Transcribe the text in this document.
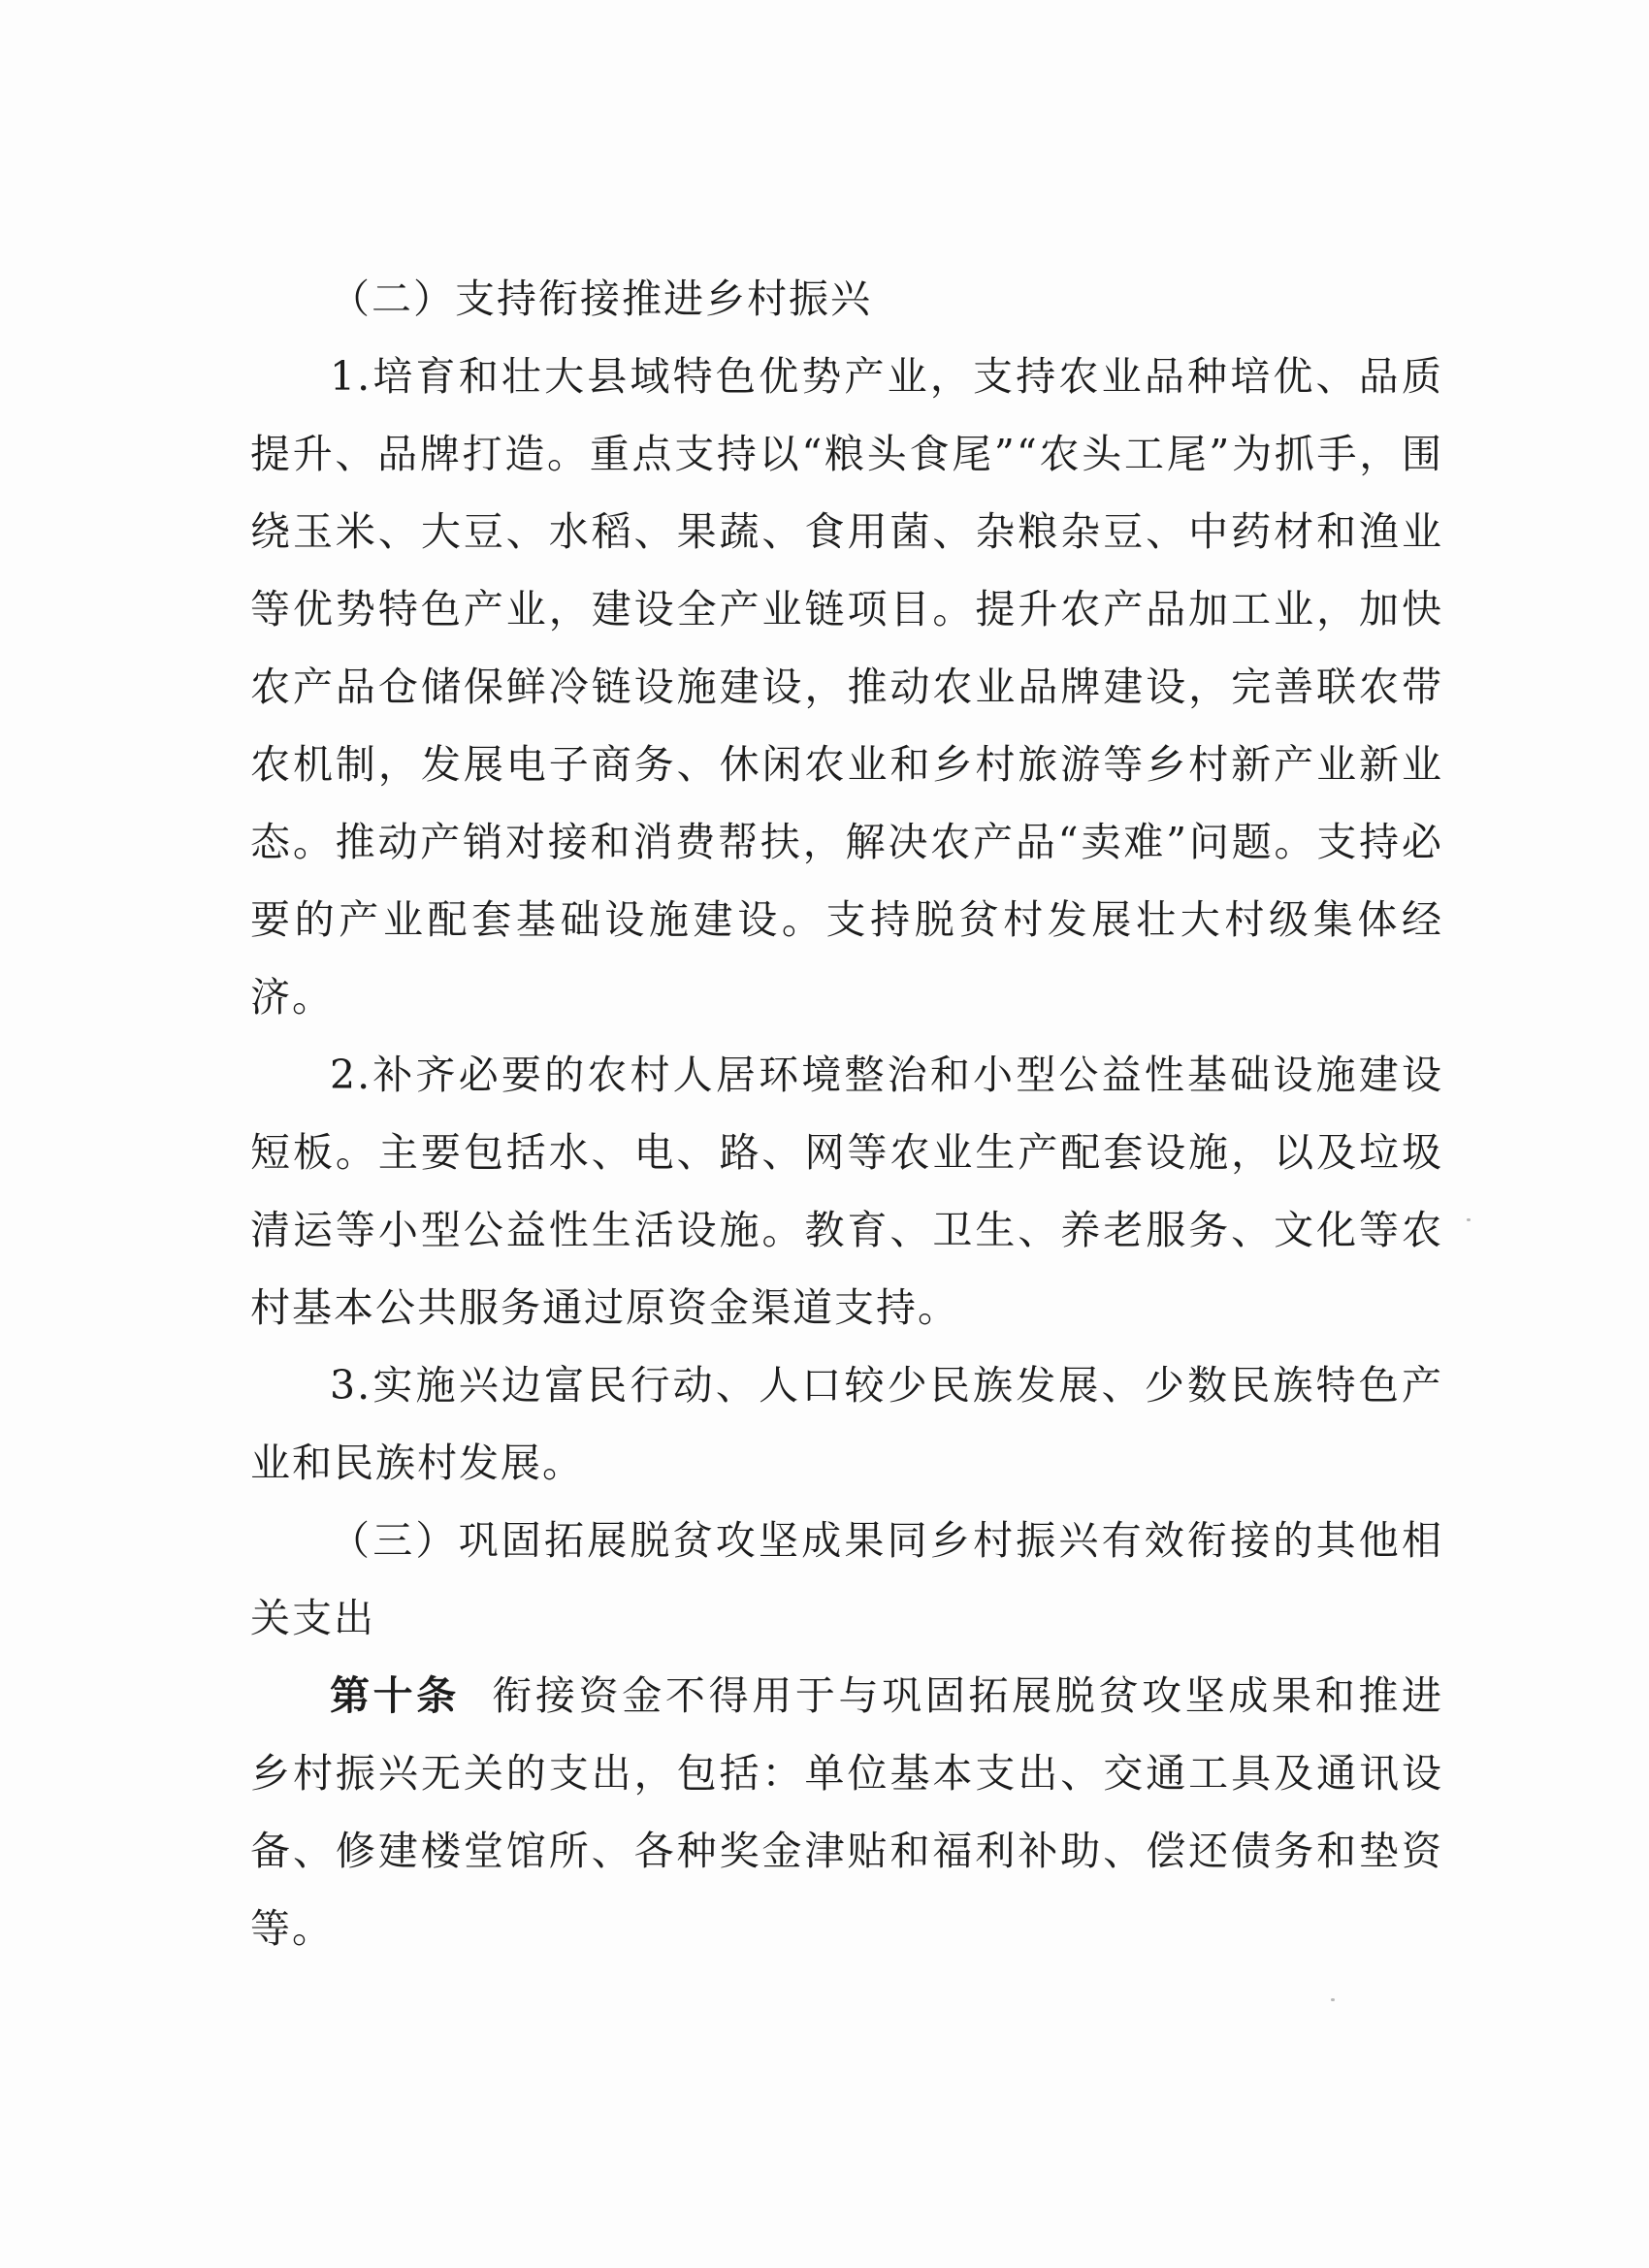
（二）支持衔接推进乡村振兴

1.培育和壮大县域特色优势产业，支持农业品种培优、品质提升、品牌打造。重点支持以“粮头食尾”“农头工尾”为抓手，围绕玉米、大豆、水稻、果蔬、食用菌、杂粮杂豆、中药材和渔业等优势特色产业，建设全产业链项目。提升农产品加工业，加快农产品仓储保鲜冷链设施建设，推动农业品牌建设，完善联农带农机制，发展电子商务、休闲农业和乡村旅游等乡村新产业新业态。推动产销对接和消费帮扶，解决农产品“卖难”问题。支持必要的产业配套基础设施建设。支持脱贫村发展壮大村级集体经济。

2.补齐必要的农村人居环境整治和小型公益性基础设施建设短板。主要包括水、电、路、网等农业生产配套设施，以及垃圾清运等小型公益性生活设施。教育、卫生、养老服务、文化等农村基本公共服务通过原资金渠道支持。

3.实施兴边富民行动、人口较少民族发展、少数民族特色产业和民族村发展。

（三）巩固拓展脱贫攻坚成果同乡村振兴有效衔接的其他相关支出

第十条 衔接资金不得用于与巩固拓展脱贫攻坚成果和推进乡村振兴无关的支出，包括：单位基本支出、交通工具及通讯设备、修建楼堂馆所、各种奖金津贴和福利补助、偿还债务和垫资等。
